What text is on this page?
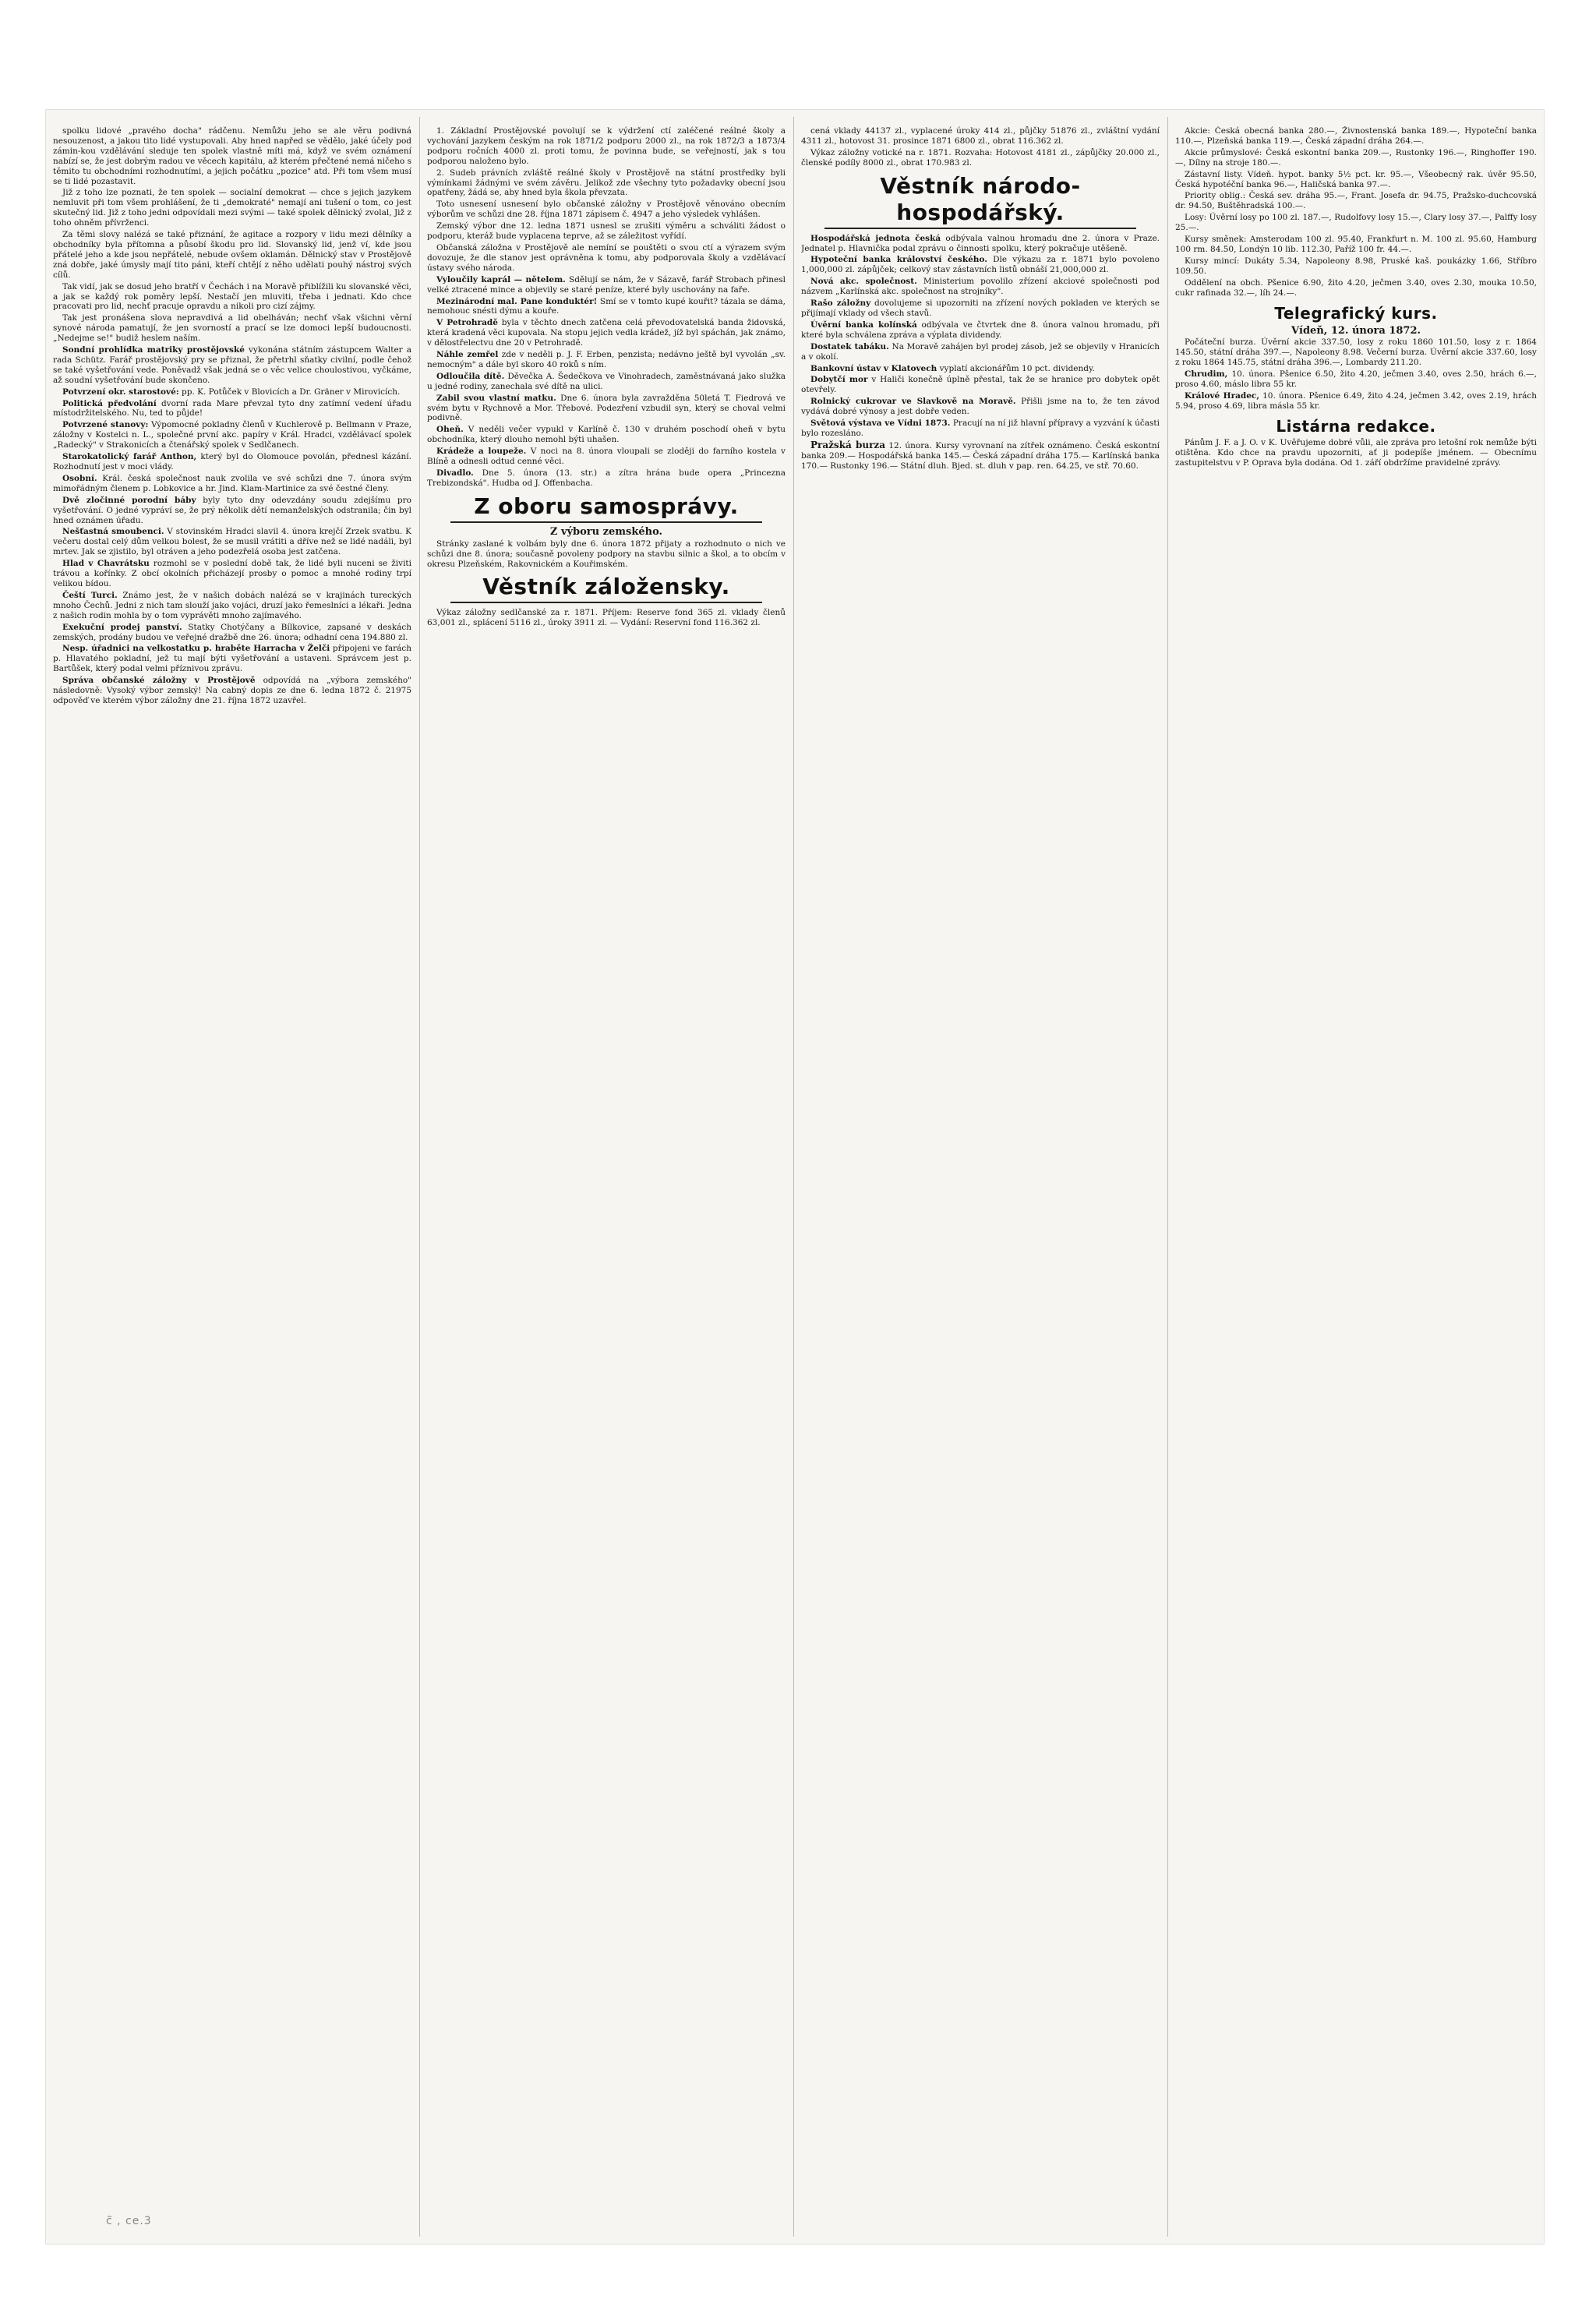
spolku lidové „pravého docha" rádčenu. Nemůžu jeho se ale věru podivná nesouzenost, a jakou tito lidé vystupovali. Aby hned napřed se vědělo, jaké účely pod zámin-kou vzdělávání sleduje ten spolek vlastně míti má, když ve svém oznámení nabízí se, že jest dobrým radou ve věcech kapitálu, až kterém přečtené nemá ničeho s těmito tu obchodními rozhodnutími, a jejich počátku „pozice" atd. Při tom všem musí se ti lidé pozastavit.

Již z toho lze poznati, že ten spolek — socialní demokrat — chce s jejich jazykem nemluvit při tom všem prohlášení, že ti „demokraté" nemají ani tušení o tom, co jest skutečný lid. Již z toho jedni odpovídali mezi svými — také spolek dělnický zvolal, Již z toho ohněm přívrženci.

Za těmi slovy nalézá se také přiznání, že agitace a rozpory v lidu mezi dělníky a obchodníky byla přítomna a působí škodu pro lid. Slovanský lid, jenž ví, kde jsou přátelé jeho a kde jsou nepřátelé, nebude ovšem oklamán. Dělnický stav v Prostějově zná dobře, jaké úmysly mají tito páni, kteří chtějí z něho udělati pouhý nástroj svých cílů.

Tak vidí, jak se dosud jeho bratří v Čechách i na Moravě přiblížili ku slovanské věci, a jak se každý rok poměry lepší. Nestačí jen mluviti, třeba i jednati. Kdo chce pracovati pro lid, nechť pracuje opravdu a nikoli pro cizí zájmy.

Tak jest pronášena slova nepravdivá a lid obelháván; nechť však všichni věrní synové národa pamatují, že jen svorností a prací se lze domoci lepší budoucnosti. „Nedejme se!" budiž heslem naším.

Sondní prohlídka matriky prostějovské vykonána státním zástupcem Walter a rada Schütz. Farář prostějovský pry se přiznal, že přetrhl sňatky civilní, podle čehož se také vyšetřování vede. Poněvadž však jedná se o věc velice choulostivou, vyčkáme, až soudní vyšetřování bude skončeno.

Potvrzení okr. starostové: pp. K. Potůček v Blovicích a Dr. Gräner v Mirovicích.

Politická předvolání dvorní rada Mare převzal tyto dny zatímní vedení úřadu místodržitelského. Nu, ted to půjde!

Potvrzené stanovy: Výpomocné pokladny členů v Kuchlerově p. Bellmann v Praze, záložny v Kostelci n. L., společné první akc. papíry v Král. Hradci, vzdělávací spolek „Radecký" v Strakonicích a čtenářský spolek v Sedlčanech.

Starokatolický farář Anthon, který byl do Olomouce povolán, přednesl kázání. Rozhodnutí jest v moci vlády.

Osobní. Král. česká společnost nauk zvolila ve své schůzi dne 7. února svým mimořádným členem p. Lobkovice a hr. Jind. Klam-Martinice za své čestné členy.

Dvě zločinné porodní báby byly tyto dny odevzdány soudu zdejšímu pro vyšetřování. O jedné vypráví se, že prý několik dětí nemanželských odstranila; čin byl hned oznámen úřadu.

Nešťastná smoubenci. V stovinském Hradci slavil 4. února krejčí Zrzek svatbu. K večeru dostal celý dům velkou bolest, že se musil vrátiti a dříve než se lidé nadáli, byl mrtev. Jak se zjistilo, byl otráven a jeho podezřelá osoba jest zatčena.

Hlad v Chavrátsku rozmohl se v poslední době tak, že lidé byli nuceni se živiti trávou a kořínky. Z obcí okolních přicházejí prosby o pomoc a mnohé rodiny trpí velikou bídou.

Čeští Turci. Známo jest, že v našich dobách nalézá se v krajinách tureckých mnoho Čechů. Jedni z nich tam slouží jako vojáci, druzí jako řemeslníci a lékaři. Jedna z našich rodin mohla by o tom vyprávěti mnoho zajímavého.

Exekuční prodej panství. Statky Chotýčany a Bílkovice, zapsané v deskách zemských, prodány budou ve veřejné dražbě dne 26. února; odhadní cena 194.880 zl.

Nesp. úřadnici na velkostatku p. hraběte Harracha v Želči připojeni ve farách p. Hlavatého pokladní, jež tu mají býti vyšetřování a ustaveni. Správcem jest p. Bartůšek, který podal velmi příznivou zprávu.

Správa občanské záložny v Prostějově odpovídá na „výbora zemského" následovně: Vysoký výbor zemský! Na cabný dopis ze dne 6. ledna 1872 č. 21975 odpověď ve kterém výbor záložny dne 21. října 1872 uzavřel.

1. Základní Prostějovské povolují se k výdržení ctí zaléčené reálné školy a vychování jazykem českým na rok 1871/2 podporu 2000 zl., na rok 1872/3 a 1873/4 podporu ročních 4000 zl. proti tomu, že povinna bude, se veřejností, jak s tou podporou naloženo bylo.

2. Sudeb právních zvláště reálné školy v Prostějově na státní prostředky byli výmínkami žádnými ve svém závěru. Jelikož zde všechny tyto požadavky obecní jsou opatřeny, žádá se, aby hned byla škola převzata.

Toto usnesení usnesení bylo občanské záložny v Prostějově věnováno obecním výborům ve schůzi dne 28. října 1871 zápisem č. 4947 a jeho výsledek vyhlášen.

Zemský výbor dne 12. ledna 1871 usnesl se zrušiti výměru a schváliti žádost o podporu, kteráž bude vyplacena teprve, až se záležitost vyřídí.

Občanská záložna v Prostějově ale nemíní se pouštěti o svou ctí a výrazem svým dovozuje, že dle stanov jest oprávněna k tomu, aby podporovala školy a vzdělávací ústavy svého národa.

Vyloučily kaprál — nětelem. Sdělují se nám, že v Sázavě, farář Strobach přinesl velké ztracené mince a objevily se staré peníze, které byly uschovány na faře.

Mezinárodní mal. Pane konduktér! Smí se v tomto kupé kouřit? tázala se dáma, nemohouc snésti dýmu a kouře.

V Petrohradě byla v těchto dnech zatčena celá převodovatelská banda židovská, která kradená věci kupovala. Na stopu jejich vedla krádež, jíž byl spáchán, jak známo, v dělostřelectvu dne 20 v Petrohradě.

Náhle zemřel zde v neděli p. J. F. Erben, penzista; nedávno ještě byl vyvolán „sv. nemocným" a dále byl skoro 40 roků s ním.

Odloučila dítě. Děvečka A. Šedečkova ve Vinohradech, zaměstnávaná jako služka u jedné rodiny, zanechala své dítě na ulici.

Zabil svou vlastní matku. Dne 6. února byla zavražděna 50letá T. Fiedrová ve svém bytu v Rychnově a Mor. Třebové. Podezření vzbudil syn, který se choval velmi podivně.

Oheň. V neděli večer vypukl v Karlíně č. 130 v druhém poschodí oheň v bytu obchodníka, který dlouho nemohl býti uhašen.

Krádeže a loupeže. V noci na 8. února vloupali se zloději do farního kostela v Blíně a odnesli odtud cenné věci.

Divadlo. Dne 5. února (13. str.) a zítra hrána bude opera „Princezna Trebizondská". Hudba od J. Offenbacha.

Z oboru samosprávy.
Z výboru zemského.

Stránky zaslané k volbám byly dne 6. února 1872 přijaty a rozhodnuto o nich ve schůzi dne 8. února; současně povoleny podpory na stavbu silnic a škol, a to obcím v okresu Plzeňském, Rakovnickém a Kouřimském.

Věstník záložensky.

Výkaz záložny sedlčanské za r. 1871. Příjem: Reserve fond 365 zl. vklady členů 63,001 zl., splácení 5116 zl., úroky 3911 zl. — Vydání: Reservní fond 116.362 zl.

cená vklady 44137 zl., vyplacené úroky 414 zl., půjčky 51876 zl., zvláštní vydání 4311 zl., hotovost 31. prosince 1871 6800 zl., obrat 116.362 zl.

Výkaz záložny votické na r. 1871. Rozvaha: Hotovost 4181 zl., zápůjčky 20.000 zl., členské podíly 8000 zl., obrat 170.983 zl.

Věstník národo-hospodářský.

Hospodářská jednota česká odbývala valnou hromadu dne 2. února v Praze. Jednatel p. Hlavnička podal zprávu o činnosti spolku, který pokračuje utěšeně.

Hypoteční banka království českého. Dle výkazu za r. 1871 bylo povoleno 1,000,000 zl. zápůjček; celkový stav zástavních listů obnáší 21,000,000 zl.

Nová akc. společnost. Ministerium povolilo zřízení akciové společnosti pod názvem „Karlínská akc. společnost na strojníky".

Rašo záložny dovolujeme si upozorniti na zřízení nových pokladen ve kterých se přijímají vklady od všech stavů.

Úvěrní banka kolínská odbývala ve čtvrtek dne 8. února valnou hromadu, při které byla schválena zpráva a výplata dividendy.

Dostatek tabáku. Na Moravě zahájen byl prodej zásob, jež se objevily v Hranicích a v okolí.

Bankovní ústav v Klatovech vyplatí akcionářům 10 pct. dividendy.

Dobytčí mor v Haliči konečně úplně přestal, tak že se hranice pro dobytek opět otevřely.

Rolnický cukrovar ve Slavkově na Moravě. Přišli jsme na to, že ten závod vydává dobré výnosy a jest dobře veden.

Světová výstava ve Vídni 1873. Pracují na ní již hlavní přípravy a vyzvání k účasti bylo rozesláno.

Pražská burza 12. února. Kursy vyrovnaní na zítřek oznámeno. Česká eskontní banka 209.— Hospodářská banka 145.— Česká západní dráha 175.— Karlínská banka 170.— Rustonky 196.— Státní dluh. Bjed. st. dluh v pap. ren. 64.25, ve stř. 70.60.

Akcie: Česká obecná banka 280.—, Živnostenská banka 189.—, Hypoteční banka 110.—, Plzeňská banka 119.—, Česká západní dráha 264.—.

Akcie průmyslové: Česká eskontní banka 209.—, Rustonky 196.—, Ringhoffer 190.—, Dílny na stroje 180.—.

Zástavní listy. Vídeň. hypot. banky 5½ pct. kr. 95.—, Všeobecný rak. úvěr 95.50, Česká hypotéční banka 96.—, Haličská banka 97.—.

Priority oblig.: Česká sev. dráha 95.—, Frant. Josefa dr. 94.75, Pražsko-duchcovská dr. 94.50, Buštěhradská 100.—.

Losy: Úvěrní losy po 100 zl. 187.—, Rudolfovy losy 15.—, Clary losy 37.—, Palffy losy 25.—.

Kursy směnek: Amsterodam 100 zl. 95.40, Frankfurt n. M. 100 zl. 95.60, Hamburg 100 rm. 84.50, Londýn 10 lib. 112.30, Paříž 100 fr. 44.—.

Kursy mincí: Dukáty 5.34, Napoleony 8.98, Pruské kaš. poukázky 1.66, Stříbro 109.50.

Oddělení na obch. Pšenice 6.90, žito 4.20, ječmen 3.40, oves 2.30, mouka 10.50, cukr rafinada 32.—, líh 24.—.

Telegrafický kurs.
Vídeň, 12. února 1872.

Počáteční burza. Úvěrní akcie 337.50, losy z roku 1860 101.50, losy z r. 1864 145.50, státní dráha 397.—, Napoleony 8.98. Večerní burza. Úvěrní akcie 337.60, losy z roku 1864 145.75, státní dráha 396.—, Lombardy 211.20.

Chrudim, 10. února. Pšenice 6.50, žito 4.20, ječmen 3.40, oves 2.50, hrách 6.—, proso 4.60, máslo libra 55 kr.

Králové Hradec, 10. února. Pšenice 6.49, žito 4.24, ječmen 3.42, oves 2.19, hrách 5.94, proso 4.69, libra másla 55 kr.

Listárna redakce.

Pánům J. F. a J. O. v K. Uvěřujeme dobré vůli, ale zpráva pro letošní rok nemůže býti otištěna. Kdo chce na pravdu upozorniti, ať ji podepíše jménem. — Obecnímu zastupitelstvu v P. Oprava byla dodána. Od 1. září obdržíme pravidelné zprávy.

c̃ , ce.3
